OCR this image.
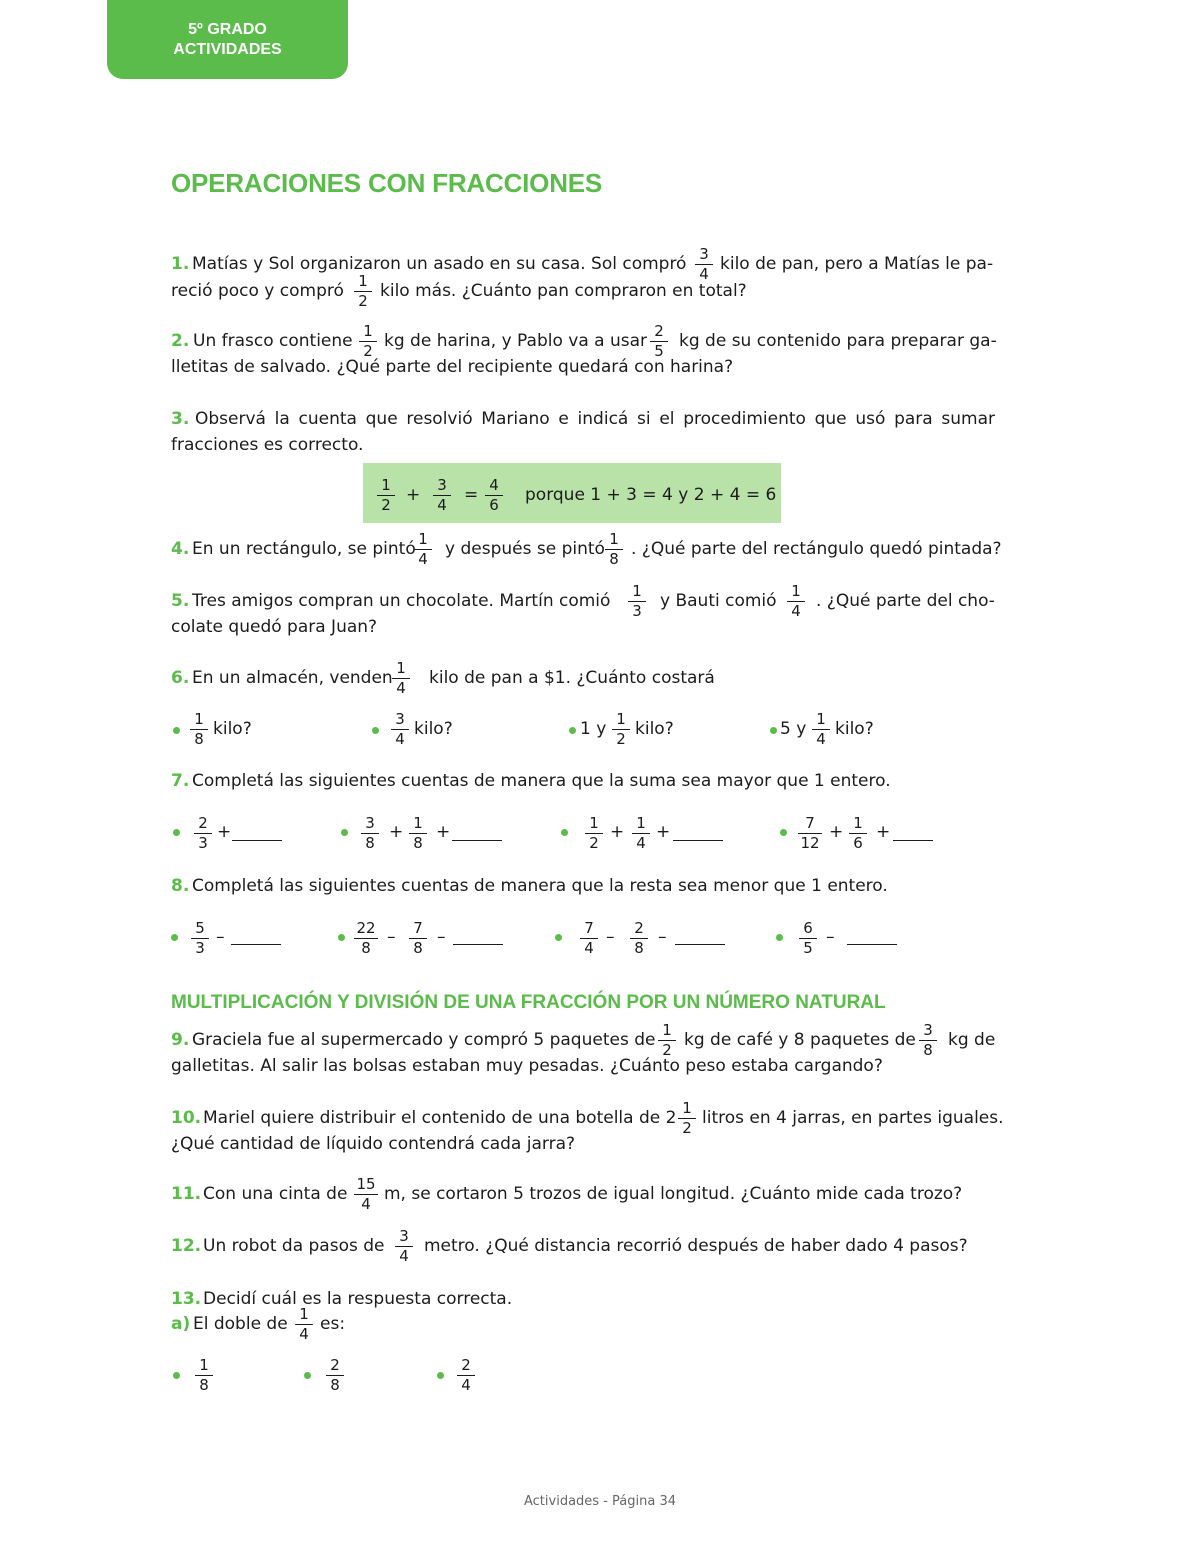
5º GRADO
ACTIVIDADES
OPERACIONES CON FRACCIONES
1. Matías y Sol organizaron un asado en su casa. Sol compró 3
4 kilo de pan, pero a Matías le pa-
reció poco y compró 1
2 kilo más. ¿Cuánto pan compraron en total?
2. Un frasco contiene 1
2 kg de harina, y Pablo va a usar 2
5 kg de su contenido para preparar ga-
lletitas de salvado. ¿Qué parte del recipiente quedará con harina?
3. Observá la cuenta que resolvió Mariano e indicá si el procedimiento que usó para sumar
fracciones es correcto.
1
2 +	3
4	= 4
6	porque 1 + 3 = 4 y 2 + 4 = 6
4. En un rectángulo, se pintó 1
4	y después se pintó 1
8 . ¿Qué parte del rectángulo quedó pintada?
5. Tres amigos compran un chocolate. Martín comió	1
3	y Bauti comió 1
4 . ¿Qué parte del cho-
colate quedó para Juan?
6. En un almacén, venden 1
4	kilo de pan a $1. ¿Cuánto costará
1
8 kilo?	3
4 kilo?	1 y 1
2 kilo?	5 y 1
4 kilo?
7. Completá las siguientes cuentas de manera que la suma sea mayor que 1 entero.
2
3
+	3
8
+ 1
8
+	1
2
+ 1
4
+	7
12
+ 1
6
+
8. Completá las siguientes cuentas de manera que la resta sea menor que 1 entero.
5
3
–	22
8
–	7
8
–	7
4
–	2
8
–	6
5
–
9. Graciela fue al supermercado y compró 5 paquetes de 1
2 kg de café y 8 paquetes de 3
8 kg de
galletitas. Al salir las bolsas estaban muy pesadas. ¿Cuánto peso estaba cargando?
10. Mariel quiere distribuir el contenido de una botella de 2 1
2 litros en 4 jarras, en partes iguales.
¿Qué cantidad de líquido contendrá cada jarra?
11. Con una cinta de 15
4 m, se cortaron 5 trozos de igual longitud. ¿Cuánto mide cada trozo?
12. Un robot da pasos de 3
4 metro. ¿Qué distancia recorrió después de haber dado 4 pasos?
13. Decidí cuál es la respuesta correcta.
a) El doble de 1
4 es:
1
8
2
8
2
4
MULTIPLICACIÓN Y DIVISIÓN DE UNA FRACCIÓN POR UN NÚMERO NATURAL
Actividades - Página 34
